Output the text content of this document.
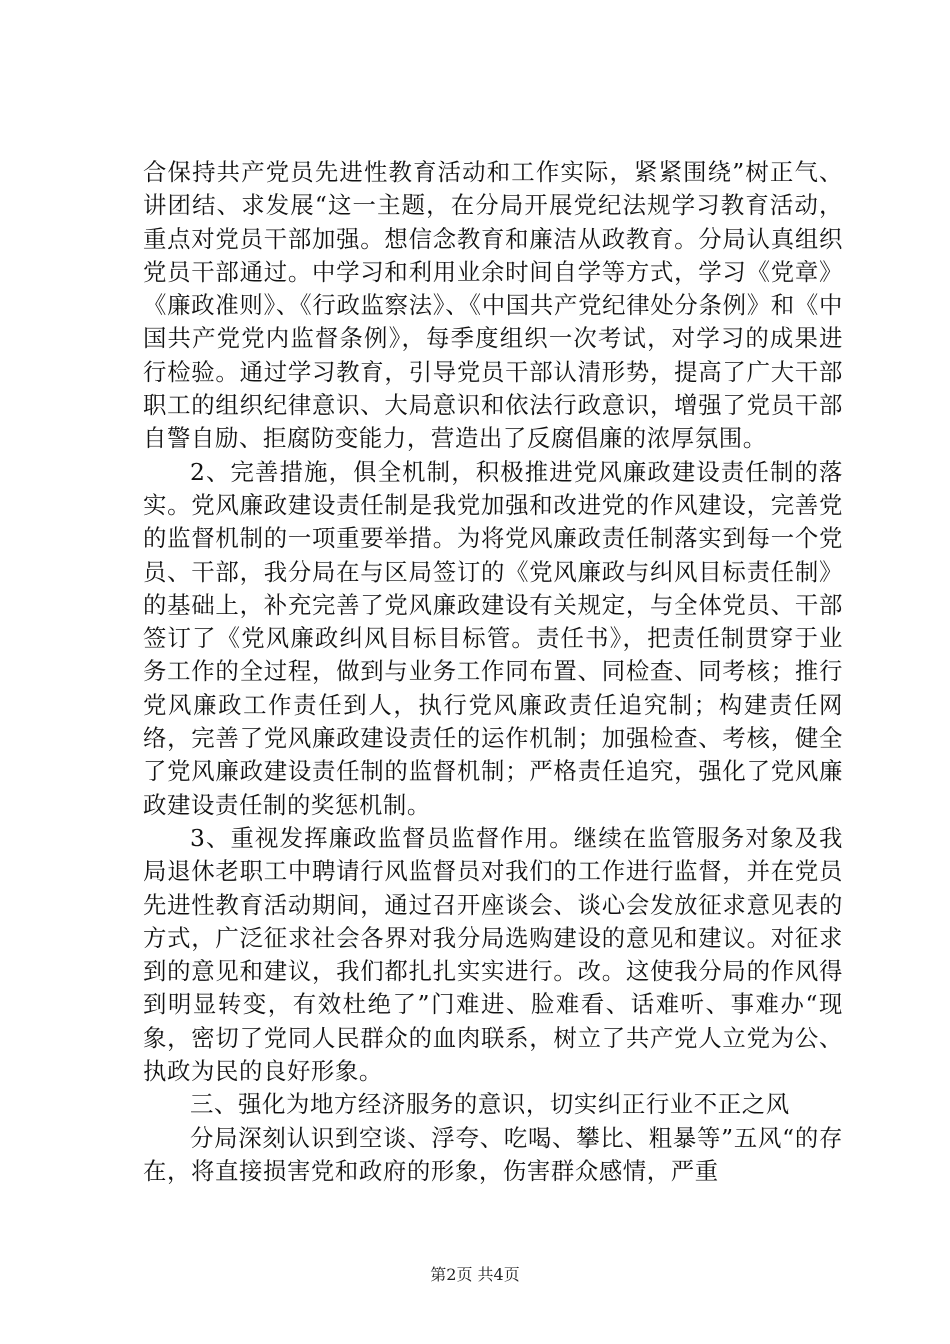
合保持共产党员先进性教育活动和工作实际，紧紧围绕”树正气、讲团结、求发展“这一主题，在分局开展党纪法规学习教育活动，重点对党员干部加强。想信念教育和廉洁从政教育。分局认真组织党员干部通过。中学习和利用业余时间自学等方式，学习《党章》《廉政准则》、《行政监察法》、《中国共产党纪律处分条例》和《中国共产党党内监督条例》，每季度组织一次考试，对学习的成果进行检验。通过学习教育，引导党员干部认清形势，提高了广大干部职工的组织纪律意识、大局意识和依法行政意识，增强了党员干部自警自励、拒腐防变能力，营造出了反腐倡廉的浓厚氛围。

2、完善措施，俱全机制，积极推进党风廉政建设责任制的落实。党风廉政建设责任制是我党加强和改进党的作风建设，完善党的监督机制的一项重要举措。为将党风廉政责任制落实到每一个党员、干部，我分局在与区局签订的《党风廉政与纠风目标责任制》的基础上，补充完善了党风廉政建设有关规定，与全体党员、干部签订了《党风廉政纠风目标目标管。责任书》，把责任制贯穿于业务工作的全过程，做到与业务工作同布置、同检查、同考核；推行党风廉政工作责任到人，执行党风廉政责任追究制；构建责任网络，完善了党风廉政建设责任的运作机制；加强检查、考核，健全了党风廉政建设责任制的监督机制；严格责任追究，强化了党风廉政建设责任制的奖惩机制。

3、重视发挥廉政监督员监督作用。继续在监管服务对象及我局退休老职工中聘请行风监督员对我们的工作进行监督，并在党员先进性教育活动期间，通过召开座谈会、谈心会发放征求意见表的方式，广泛征求社会各界对我分局选购建设的意见和建议。对征求到的意见和建议，我们都扎扎实实进行。改。这使我分局的作风得到明显转变，有效杜绝了”门难进、脸难看、话难听、事难办“现象，密切了党同人民群众的血肉联系，树立了共产党人立党为公、执政为民的良好形象。

三、强化为地方经济服务的意识，切实纠正行业不正之风

分局深刻认识到空谈、浮夸、吃喝、攀比、粗暴等”五风“的存在，将直接损害党和政府的形象，伤害群众感情，严重

第2页 共4页
